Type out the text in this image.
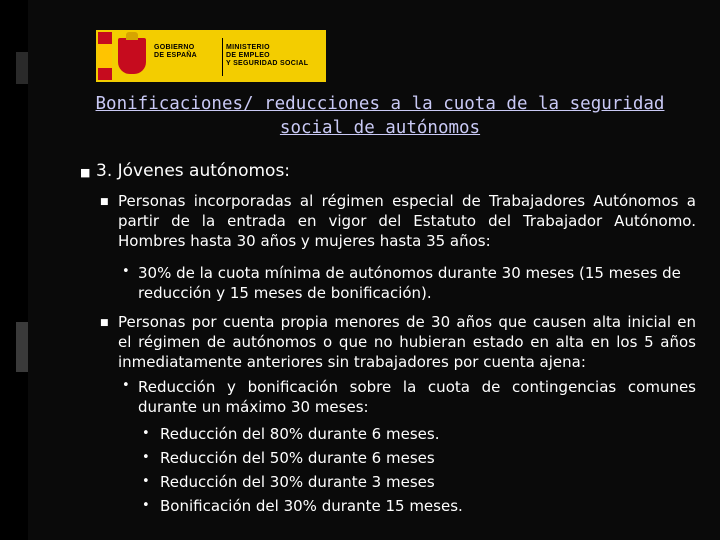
GOBIERNO
DE ESPAÑA
MINISTERIO
DE EMPLEO
Y SEGURIDAD SOCIAL
Bonificaciones/ reducciones a la cuota de la seguridad social de autónomos
■ 3. Jóvenes autónomos:
■ Personas incorporadas al régimen especial de Trabajadores Autónomos a partir de la entrada en vigor del Estatuto del Trabajador Autónomo. Hombres hasta 30 años y mujeres hasta 35 años:
• 30% de la cuota mínima de autónomos durante 30 meses (15 meses de reducción y 15 meses de bonificación).
■ Personas por cuenta propia menores de 30 años que causen alta inicial en el régimen de autónomos o que no hubieran estado en alta en los 5 años inmediatamente anteriores sin trabajadores por cuenta ajena:
• Reducción y bonificación sobre la cuota de contingencias comunes durante un máximo 30 meses:
• Reducción del 80% durante 6 meses.
• Reducción del 50% durante 6 meses
• Reducción del 30% durante 3 meses
• Bonificación del 30% durante 15 meses.
